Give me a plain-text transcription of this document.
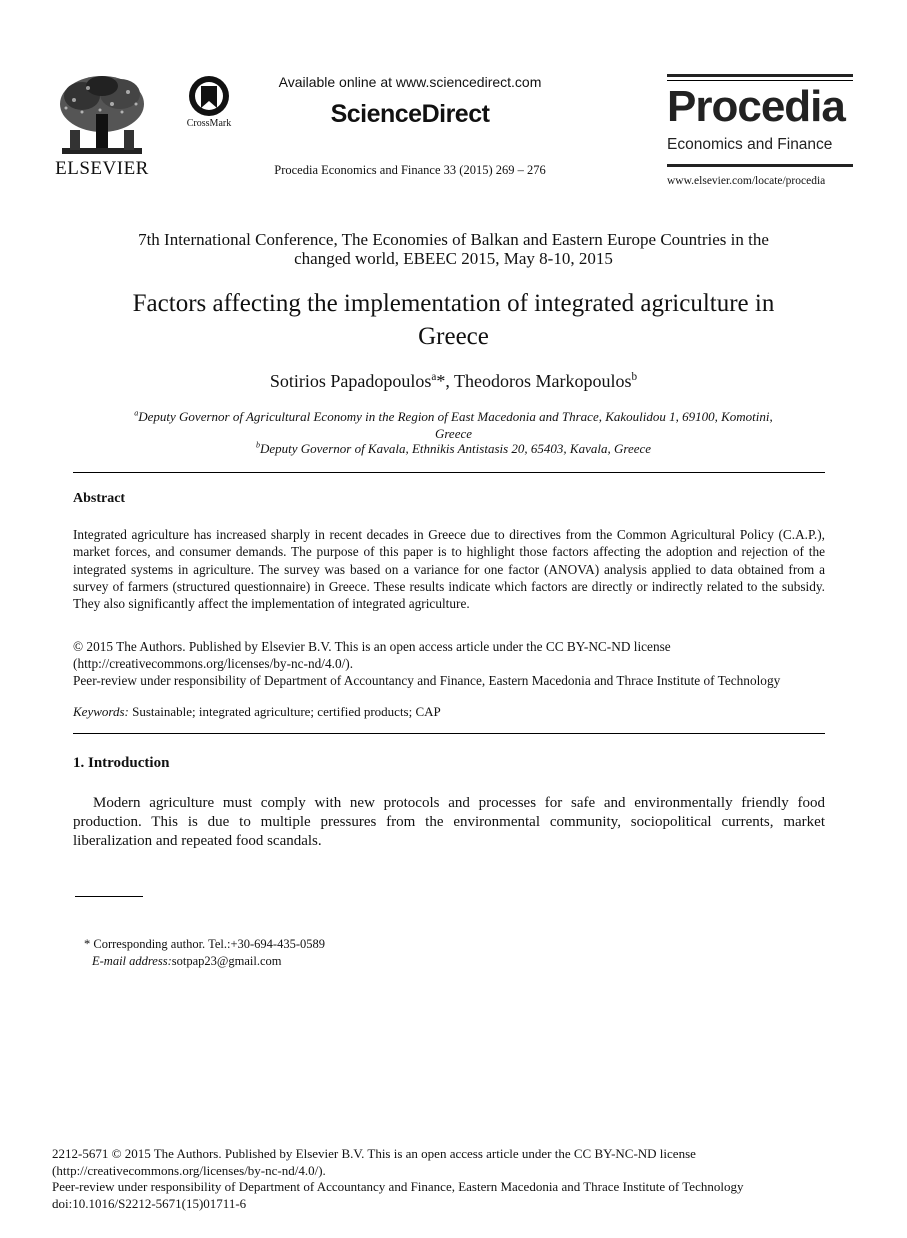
ELSEVIER
CrossMark
Available online at www.sciencedirect.com
ScienceDirect
Procedia Economics and Finance 33 (2015) 269 – 276
Procedia
Economics and Finance
www.elsevier.com/locate/procedia
7th International Conference, The Economies of Balkan and Eastern Europe Countries in the
changed world, EBEEC 2015, May 8-10, 2015
Factors affecting the implementation of integrated agriculture in
Greece
Sotirios Papadopoulos$^a$*, Theodoros Markopoulos$^b$
$^a$Deputy Governor of Agricultural Economy in the Region of East Macedonia and Thrace, Kakoulidou 1, 69100, Komotini,
Greece
$^b$Deputy Governor of Kavala, Ethnikis Antistasis 20, 65403, Kavala, Greece
Abstract
Integrated agriculture has increased sharply in recent decades in Greece due to directives from the Common Agricultural Policy (C.A.P.), market forces, and consumer demands. The purpose of this paper is to highlight those factors affecting the adoption and rejection of the integrated systems in agriculture. The survey was based on a variance for one factor (ANOVA) analysis applied to data obtained from a survey of farmers (structured questionnaire) in Greece. These results indicate which factors are directly or indirectly related to the subsidy. They also significantly affect the implementation of integrated agriculture.
© 2015 The Authors. Published by Elsevier B.V. This is an open access article under the CC BY-NC-ND license
(http://creativecommons.org/licenses/by-nc-nd/4.0/).
Peer-review under responsibility of Department of Accountancy and Finance, Eastern Macedonia and Thrace Institute of Technology
Keywords: Sustainable; integrated agriculture; certified products; CAP
1. Introduction
Modern agriculture must comply with new protocols and processes for safe and environmentally friendly food production. This is due to multiple pressures from the environmental community, sociopolitical currents, market liberalization and repeated food scandals.
* Corresponding author. Tel.:+30-694-435-0589
E-mail address:sotpap23@gmail.com
2212-5671 © 2015 The Authors. Published by Elsevier B.V. This is an open access article under the CC BY-NC-ND license
(http://creativecommons.org/licenses/by-nc-nd/4.0/).
Peer-review under responsibility of Department of Accountancy and Finance, Eastern Macedonia and Thrace Institute of Technology
doi:10.1016/S2212-5671(15)01711-6
